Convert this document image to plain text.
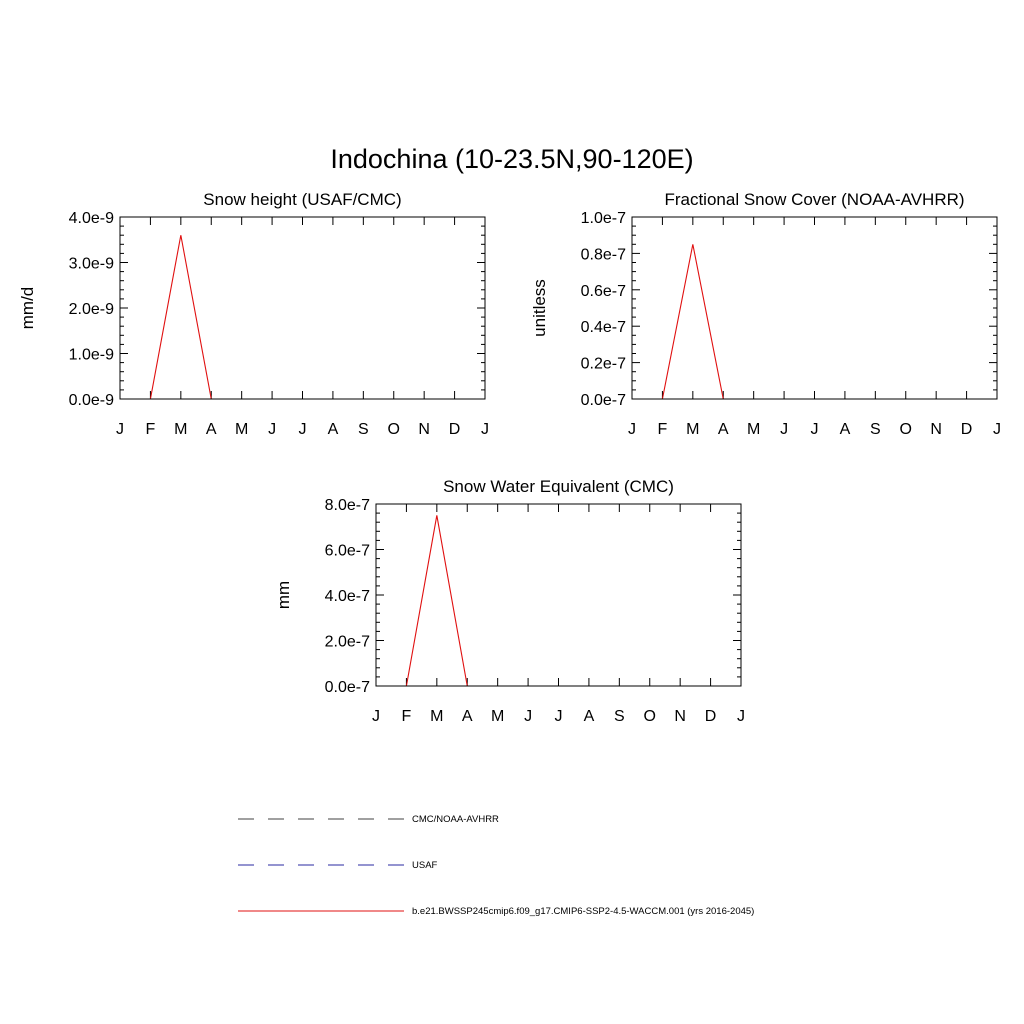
Indochina (10-23.5N,90-120E)
Snow height (USAF/CMC)
mm/d
0.0e-9
1.0e-9
2.0e-9
3.0e-9
4.0e-9
J F M A M J J A S O N D J
Fractional Snow Cover (NOAA-AVHRR)
unitless
0.0e-7
0.2e-7
0.4e-7
0.6e-7
0.8e-7
1.0e-7
J F M A M J J A S O N D J
Snow Water Equivalent (CMC)
mm
0.0e-7
2.0e-7
4.0e-7
6.0e-7
8.0e-7
J F M A M J J A S O N D J
CMC/NOAA-AVHRR
USAF
b.e21.BWSSP245cmip6.f09_g17.CMIP6-SSP2-4.5-WACCM.001 (yrs 2016-2045)
